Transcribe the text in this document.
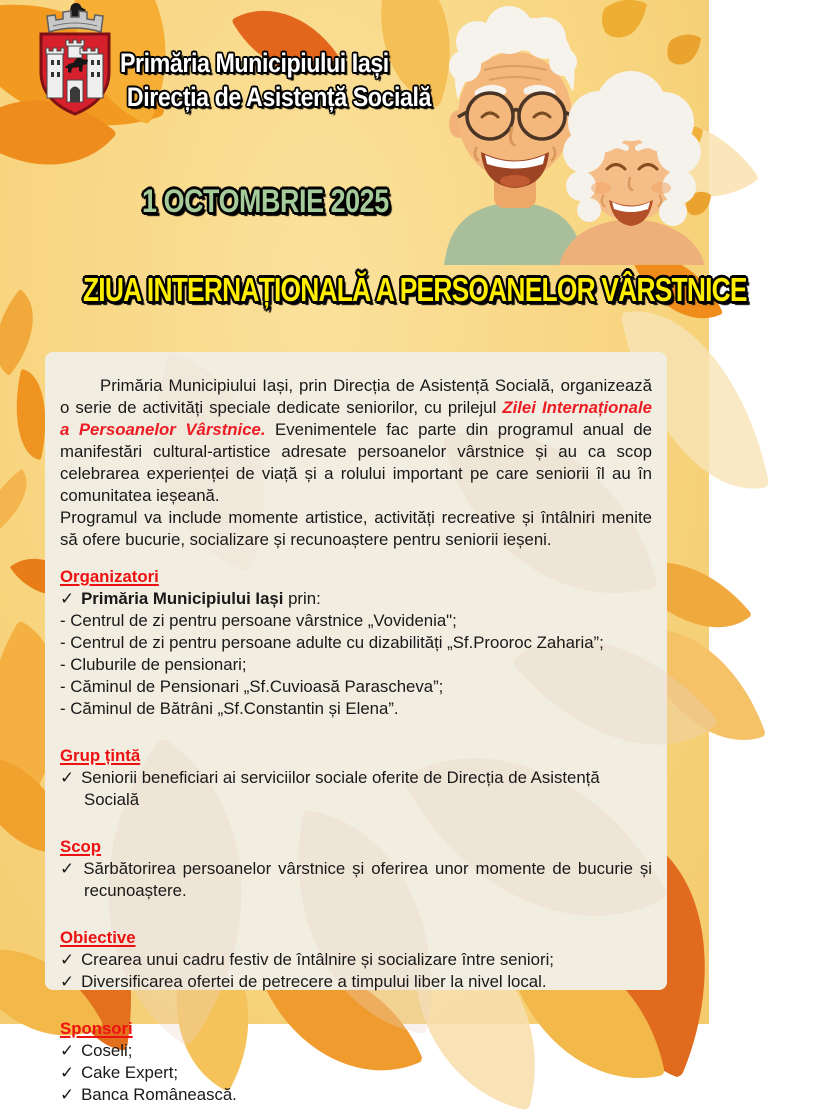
Primăria Municipiului Iași
Direcția de Asistență Socială
1 OCTOMBRIE 2025
ZIUA INTERNAȚIONALĂ A PERSOANELOR VÂRSTNICE

Primăria Municipiului Iași, prin Direcția de Asistență Socială, organizează o serie de activități speciale dedicate seniorilor, cu prilejul Zilei Internaționale a Persoanelor Vârstnice. Evenimentele fac parte din programul anual de manifestări cultural-artistice adresate persoanelor vârstnice și au ca scop celebrarea experienței de viață și a rolului important pe care seniorii îl au în comunitatea ieșeană.

Programul va include momente artistice, activități recreative și întâlniri menite să ofere bucurie, socializare și recunoaștere pentru seniorii ieșeni.

Organizatori
✓ Primăria Municipiului Iași prin:
- Centrul de zi pentru persoane vârstnice „Vovidenia";
- Centrul de zi pentru persoane adulte cu dizabilități „Sf.Prooroc Zaharia”;
- Cluburile de pensionari;
- Căminul de Pensionari „Sf.Cuvioasă Parascheva”;
- Căminul de Bătrâni „Sf.Constantin și Elena”.
Grup țintă
✓ Seniorii beneficiari ai serviciilor sociale oferite de Direcția de Asistență Socială
Scop
✓ Sărbătorirea persoanelor vârstnice și oferirea unor momente de bucurie și recunoaștere.
Obiective
✓ Crearea unui cadru festiv de întâlnire și socializare între seniori;
✓ Diversificarea ofertei de petrecere a timpului liber la nivel local.
Sponsori
✓ Coseli;
✓ Cake Expert;
✓ Banca Românească.
